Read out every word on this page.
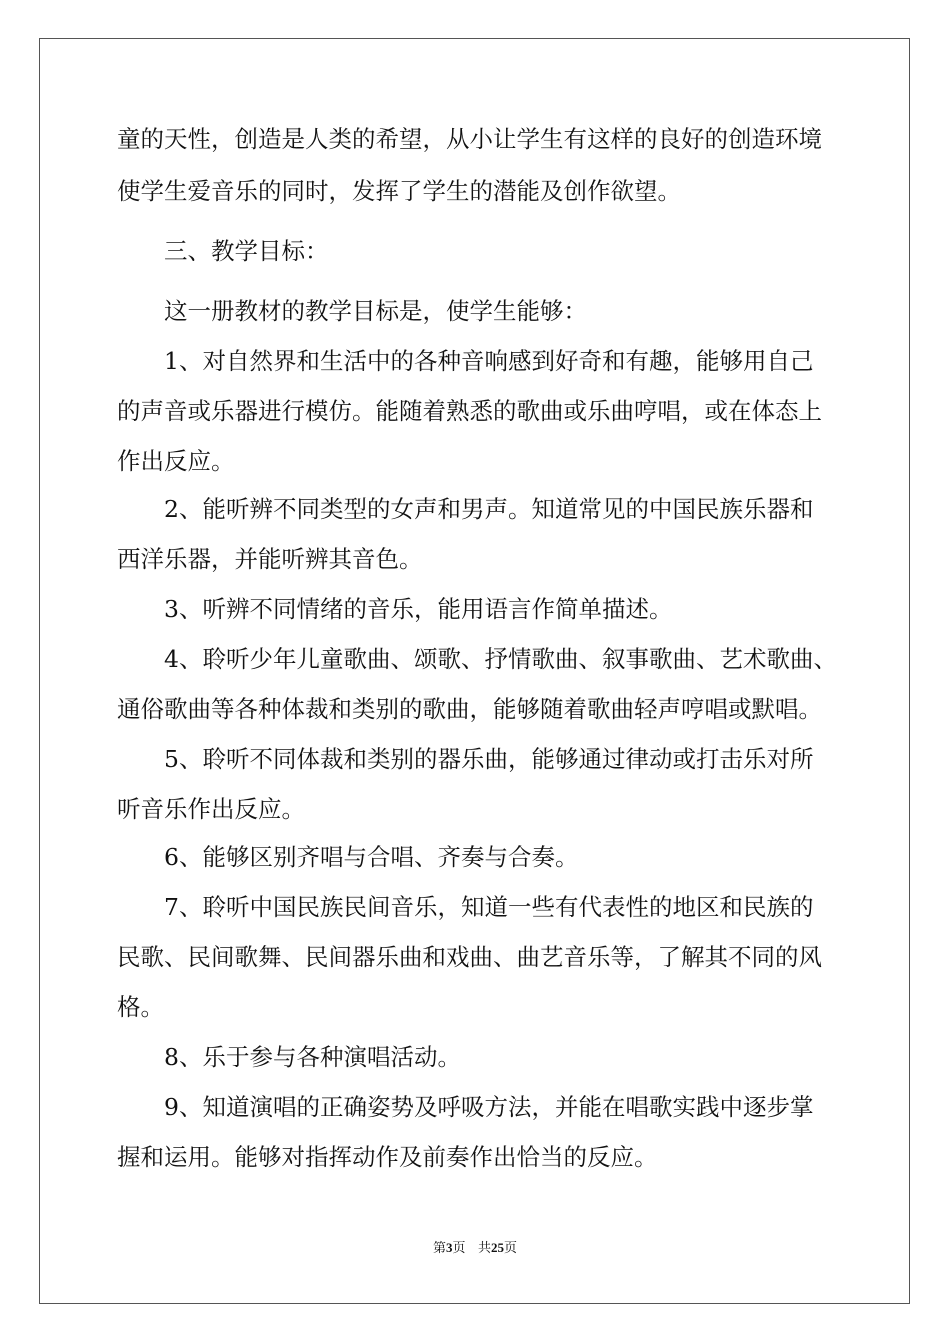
童的天性，创造是人类的希望，从小让学生有这样的良好的创造环境
使学生爱音乐的同时，发挥了学生的潜能及创作欲望。
三、教学目标：
这一册教材的教学目标是，使学生能够：
1、对自然界和生活中的各种音响感到好奇和有趣，能够用自己
的声音或乐器进行模仿。能随着熟悉的歌曲或乐曲哼唱，或在体态上
作出反应。
2、能听辨不同类型的女声和男声。知道常见的中国民族乐器和
西洋乐器，并能听辨其音色。
3、听辨不同情绪的音乐，能用语言作简单描述。
4、聆听少年儿童歌曲、颂歌、抒情歌曲、叙事歌曲、艺术歌曲、
通俗歌曲等各种体裁和类别的歌曲，能够随着歌曲轻声哼唱或默唱。
5、聆听不同体裁和类别的器乐曲，能够通过律动或打击乐对所
听音乐作出反应。
6、能够区别齐唱与合唱、齐奏与合奏。
7、聆听中国民族民间音乐，知道一些有代表性的地区和民族的
民歌、民间歌舞、民间器乐曲和戏曲、曲艺音乐等，了解其不同的风
格。
8、乐于参与各种演唱活动。
9、知道演唱的正确姿势及呼吸方法，并能在唱歌实践中逐步掌
握和运用。能够对指挥动作及前奏作出恰当的反应。
第3页 共25页
